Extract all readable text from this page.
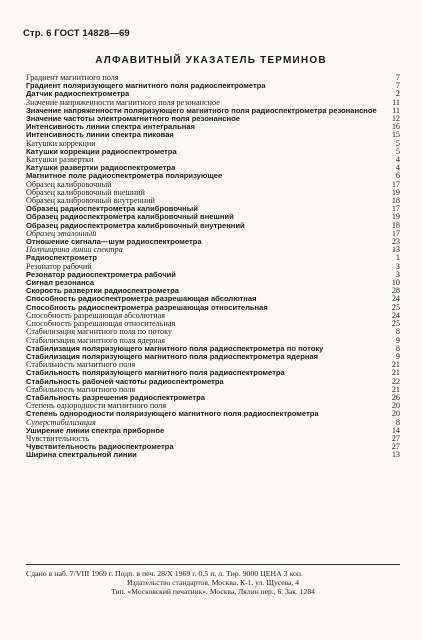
Стр. 6 ГОСТ 14828—69
АЛФАВИТНЫЙ УКАЗАТЕЛЬ ТЕРМИНОВ
Градиент магнитного поля	7
Градиент поляризующего магнитного поля радиоспектрометра	7
Датчик радиоспектрометра	2
Значение напряженности магнитного поля резонансное	11
Значение напряженности поляризующего магнитного поля радиоспектрометра резонансное	11
Значение частоты электромагнитного поля резонансное	12
Интенсивность линии спектра интегральная	16
Интенсивность линии спектра пиковая	15
Катушки коррекции	5
Катушки коррекции радиоспектрометра	5
Катушки развертки	4
Катушки развертки радиоспектрометра	4
Магнитное поле радиоспектрометра поляризующее	6
Образец калибровочный	17
Образец калибровочный внешний	19
Образец калибровочный внутренний	18
Образец радиоспектрометра калибровочный	17
Образец радиоспектрометра калибровочный внешний	19
Образец радиоспектрометра калибровочный внутренний	18
Образец эталонный	17
Отношение сигнала—шум радиоспектрометра	23
Полуширина линии спектра	13
Радиоспектрометр	1
Резонатор рабочий	3
Резонатор радиоспектрометра рабочий	3
Сигнал резонанса	10
Скорость развертки радиоспектрометра	28
Способность радиоспектрометра разрешающая абсолютная	24
Способность радиоспектрометра разрешающая относительная	25
Способность разрешающая абсолютная	24
Способность разрешающая относительная	25
Стабилизация магнитного поля по потоку	8
Стабилизация магнитного поля ядерная	9
Стабилизация поляризующего магнитного поля радиоспектрометра по потоку	8
Стабилизация поляризующего магнитного поля радиоспектрометра ядерная	9
Стабильность магнитного поля	21
Стабильность поляризующего магнитного поля радиоспектрометра	21
Стабильность рабочей частоты радиоспектрометра	22
Стабильность магнитного поля	21
Стабильность разрешения радиоспектрометра	26
Степень однородности магнитного поля	20
Степень однородности поляризующего магнитного поля радиоспектрометра	20
Суперстабилизация	8
Уширение линии спектра приборное	14
Чувствительность	27
Чувствительность радиоспектрометра	27
Ширина спектральной линии	13
Сдано в наб. 7/VIII 1969 г. Подп. в печ. 28/X 1969 г. 0,5 п. л. Тир. 9000 ЦЕНА 3 коп.
Издательство стандартов, Москва, К-1, ул. Щусева, 4
Тип. «Московский печатник». Москва, Лялин пер., 6. Зак. 1284
